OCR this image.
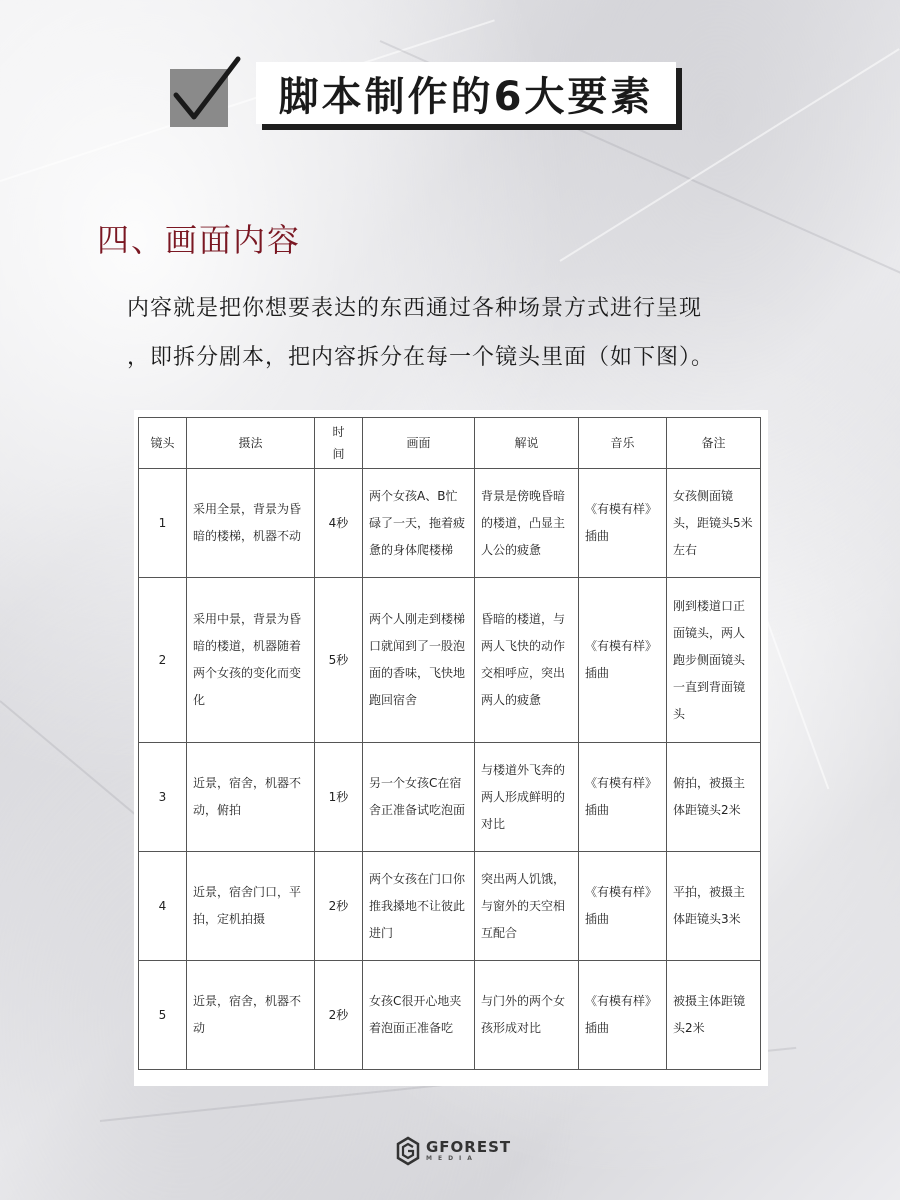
脚本制作的6大要素
四、画面内容
内容就是把你想要表达的东西通过各种场景方式进行呈现
，即拆分剧本，把内容拆分在每一个镜头里面（如下图）。
镜头	摄法	时间	画面	解说	音乐	备注
1	采用全景，背景为昏暗的楼梯，机器不动	4秒	两个女孩A、B忙碌了一天，拖着疲惫的身体爬楼梯	背景是傍晚昏暗的楼道，凸显主人公的疲惫	《有模有样》插曲	女孩侧面镜头，距镜头5米左右

2	采用中景，背景为昏暗的楼道，机器随着两个女孩的变化而变化	5秒	两个人刚走到楼梯口就闻到了一股泡面的香味，飞快地跑回宿舍	昏暗的楼道，与两人飞快的动作交相呼应，突出两人的疲惫	《有模有样》插曲	刚到楼道口正面镜头，两人跑步侧面镜头一直到背面镜头

3	近景，宿舍，机器不动，俯拍	1秒	另一个女孩C在宿舍正准备试吃泡面	与楼道外飞奔的两人形成鲜明的对比	《有模有样》插曲	俯拍，被摄主体距镜头2米

4	近景，宿舍门口，平拍，定机拍摄	2秒	两个女孩在门口你推我搡地不让彼此进门	突出两人饥饿，与窗外的天空相互配合	《有模有样》插曲	平拍，被摄主体距镜头3米

5	近景，宿舍，机器不动	2秒	女孩C很开心地夹着泡面正准备吃	与门外的两个女孩形成对比	《有模有样》插曲	被摄主体距镜头2米
GFOREST
MEDIA
